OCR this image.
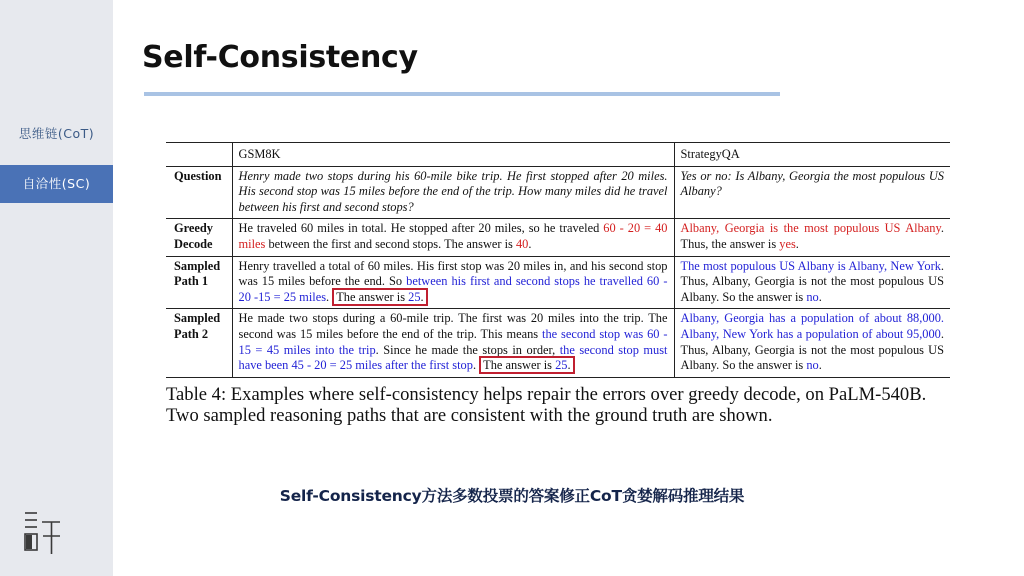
思维链(CoT)
自洽性(SC)
Self-Consistency
	GSM8K	StrategyQA
Question	Henry made two stops during his 60-mile bike trip. He first stopped after 20 miles. His second stop was 15 miles before the end of the trip. How many miles did he travel between his first and second stops?	Yes or no: Is Albany, Georgia the most populous US Albany?
Greedy
Decode	He traveled 60 miles in total. He stopped after 20 miles, so he traveled 60 - 20 = 40 miles between the first and second stops. The answer is 40.	Albany, Georgia is the most populous US Albany. Thus, the answer is yes.
Sampled
Path 1	Henry travelled a total of 60 miles. His first stop was 20 miles in, and his second stop was 15 miles before the end. So between his first and second stops he travelled 60 - 20 -15 = 25 miles. The answer is 25.	The most populous US Albany is Albany, New York. Thus, Albany, Georgia is not the most populous US Albany. So the answer is no.
Sampled
Path 2	He made two stops during a 60-mile trip. The first was 20 miles into the trip. The second was 15 miles before the end of the trip. This means the second stop was 60 - 15 = 45 miles into the trip. Since he made the stops in order, the second stop must have been 45 - 20 = 25 miles after the first stop. The answer is 25.	Albany, Georgia has a population of about 88,000. Albany, New York has a population of about 95,000. Thus, Albany, Georgia is not the most populous US Albany. So the answer is no.
Table 4: Examples where self-consistency helps repair the errors over greedy decode, on PaLM-540B. Two sampled reasoning paths that are consistent with the ground truth are shown.
Self-Consistency方法多数投票的答案修正CoT贪婪解码推理结果
